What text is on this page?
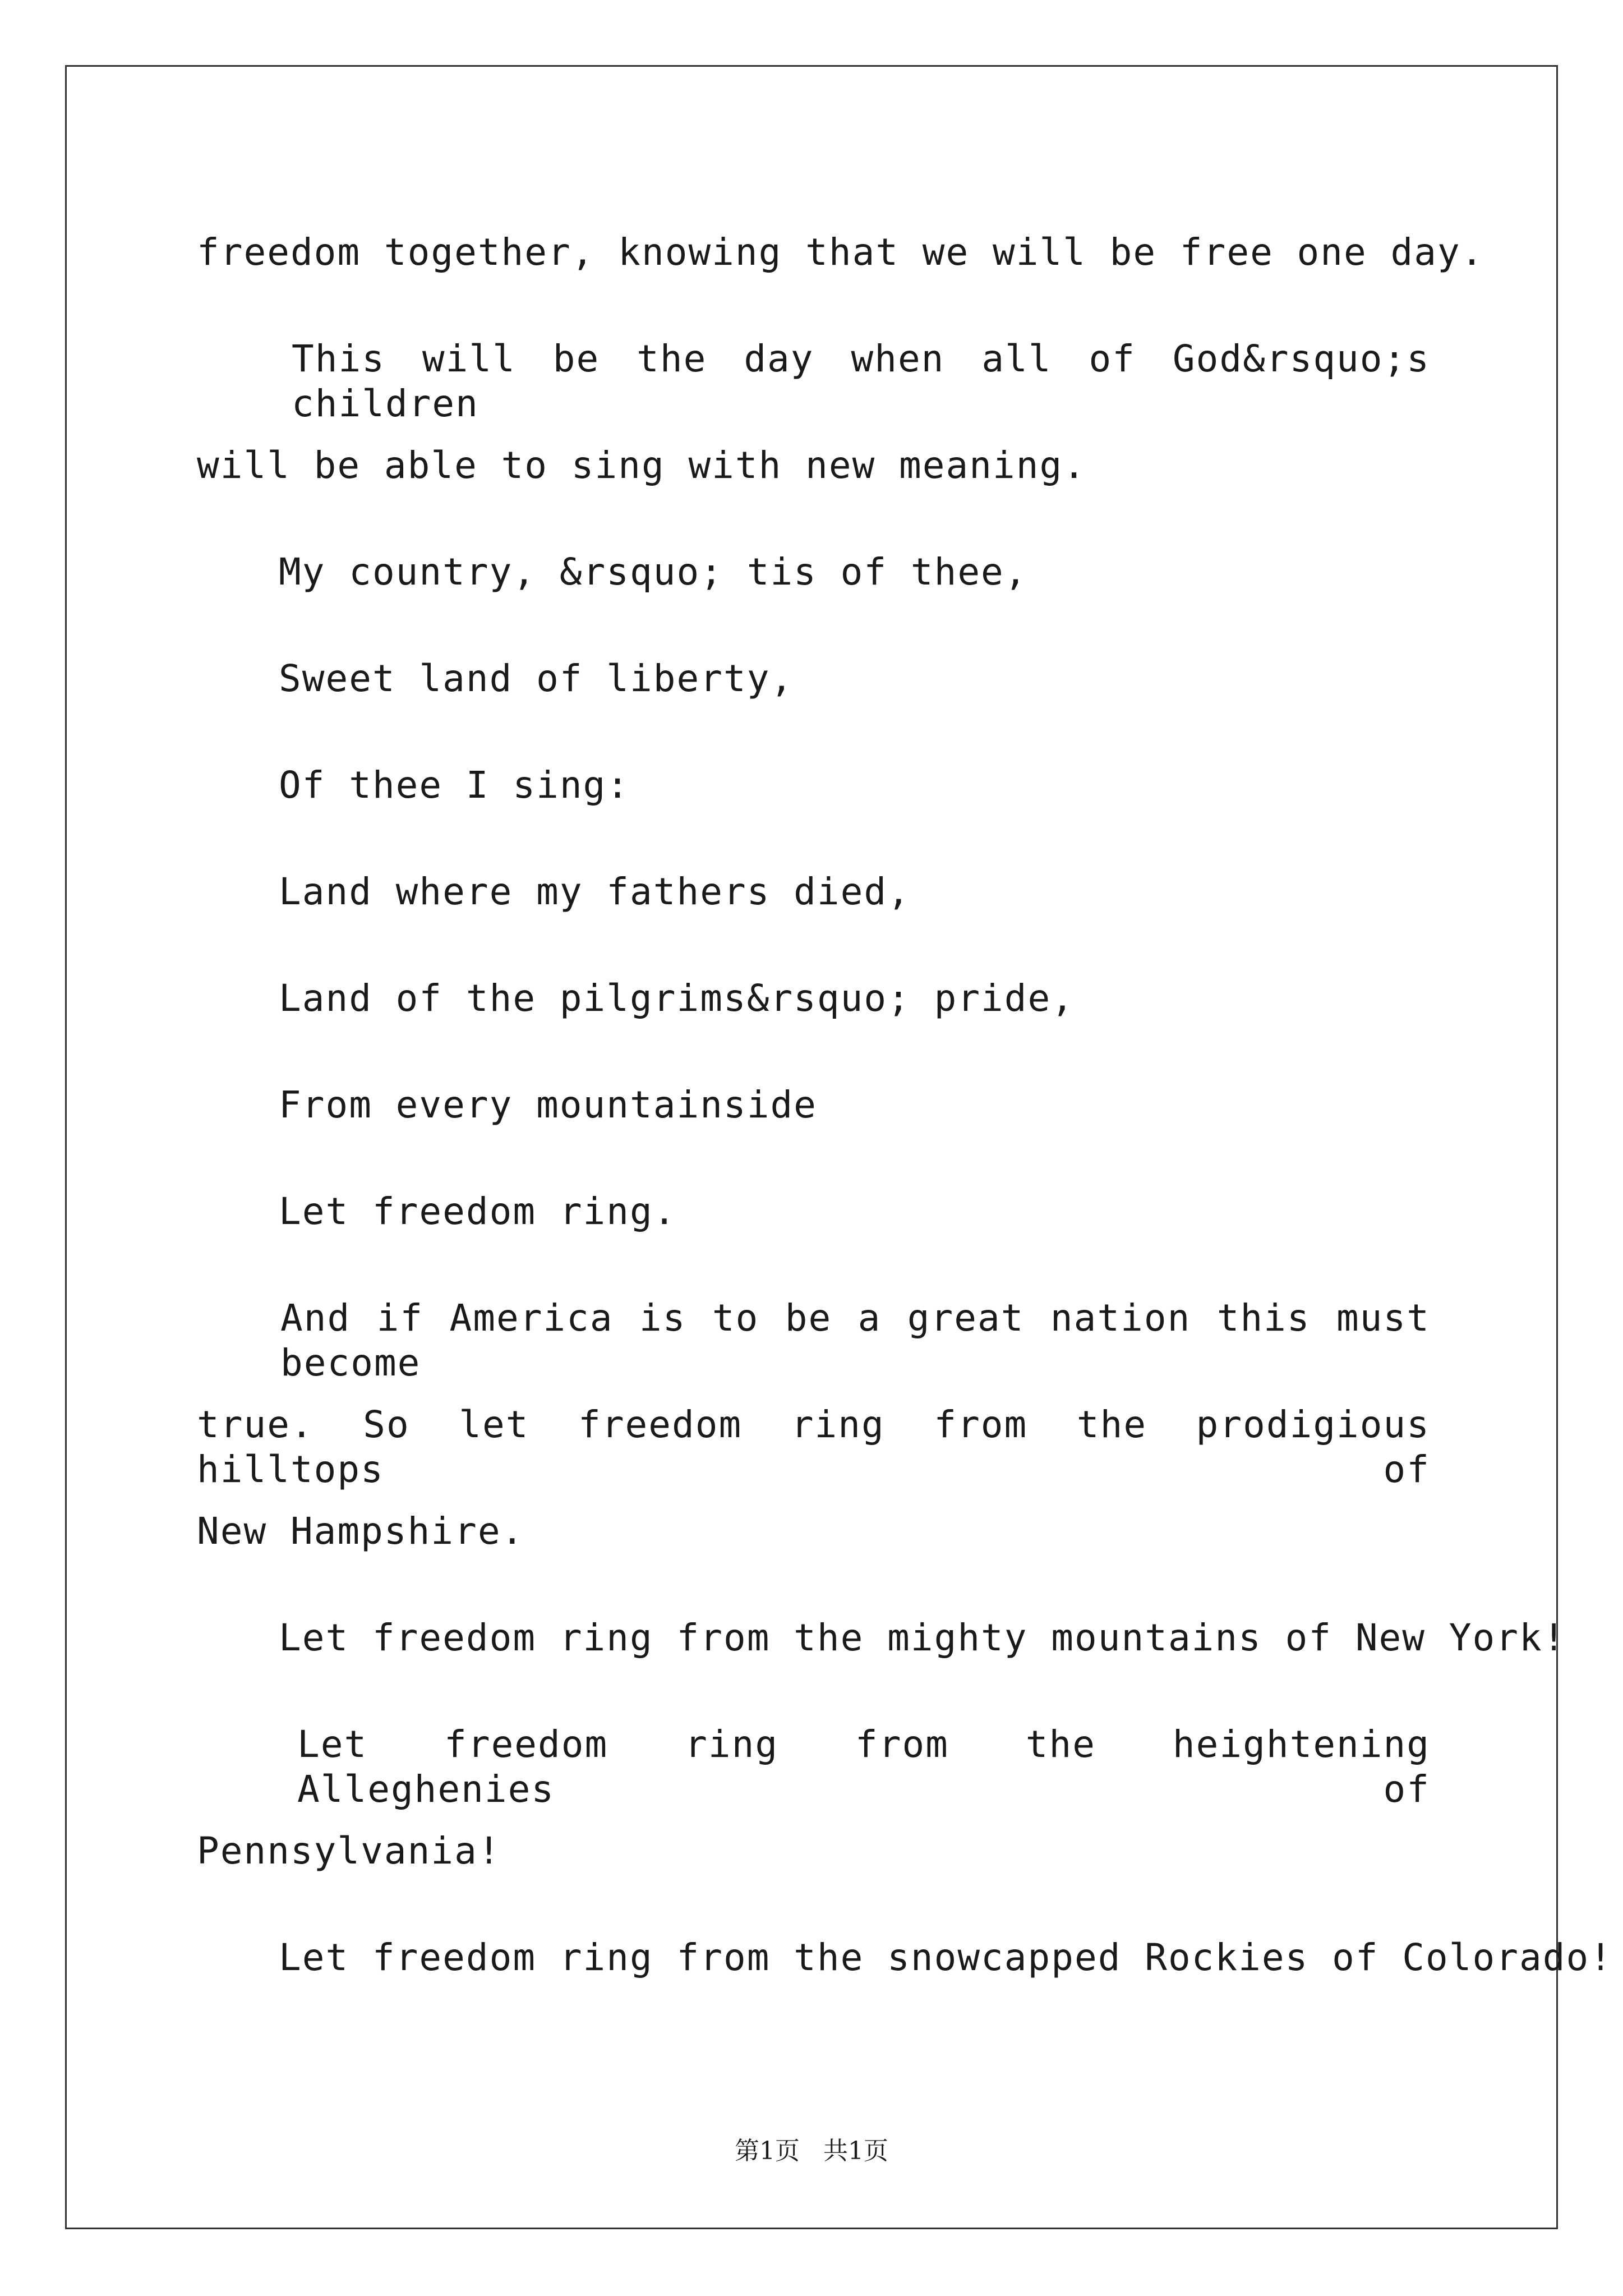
freedom together, knowing that we will be free one day.
This will be the day when all of God&rsquo;s children
will be able to sing with new meaning.
My country, &rsquo; tis of thee,
Sweet land of liberty,
Of thee I sing:
Land where my fathers died,
Land of the pilgrims&rsquo; pride,
From every mountainside
Let freedom ring.
And if America is to be a great nation this must become
true. So let freedom ring from the prodigious hilltops of
New Hampshire.
Let freedom ring from the mighty mountains of New York!
Let freedom ring from the heightening Alleghenies of
Pennsylvania!
Let freedom ring from the snowcapped Rockies of Colorado!
第1页   共1页
